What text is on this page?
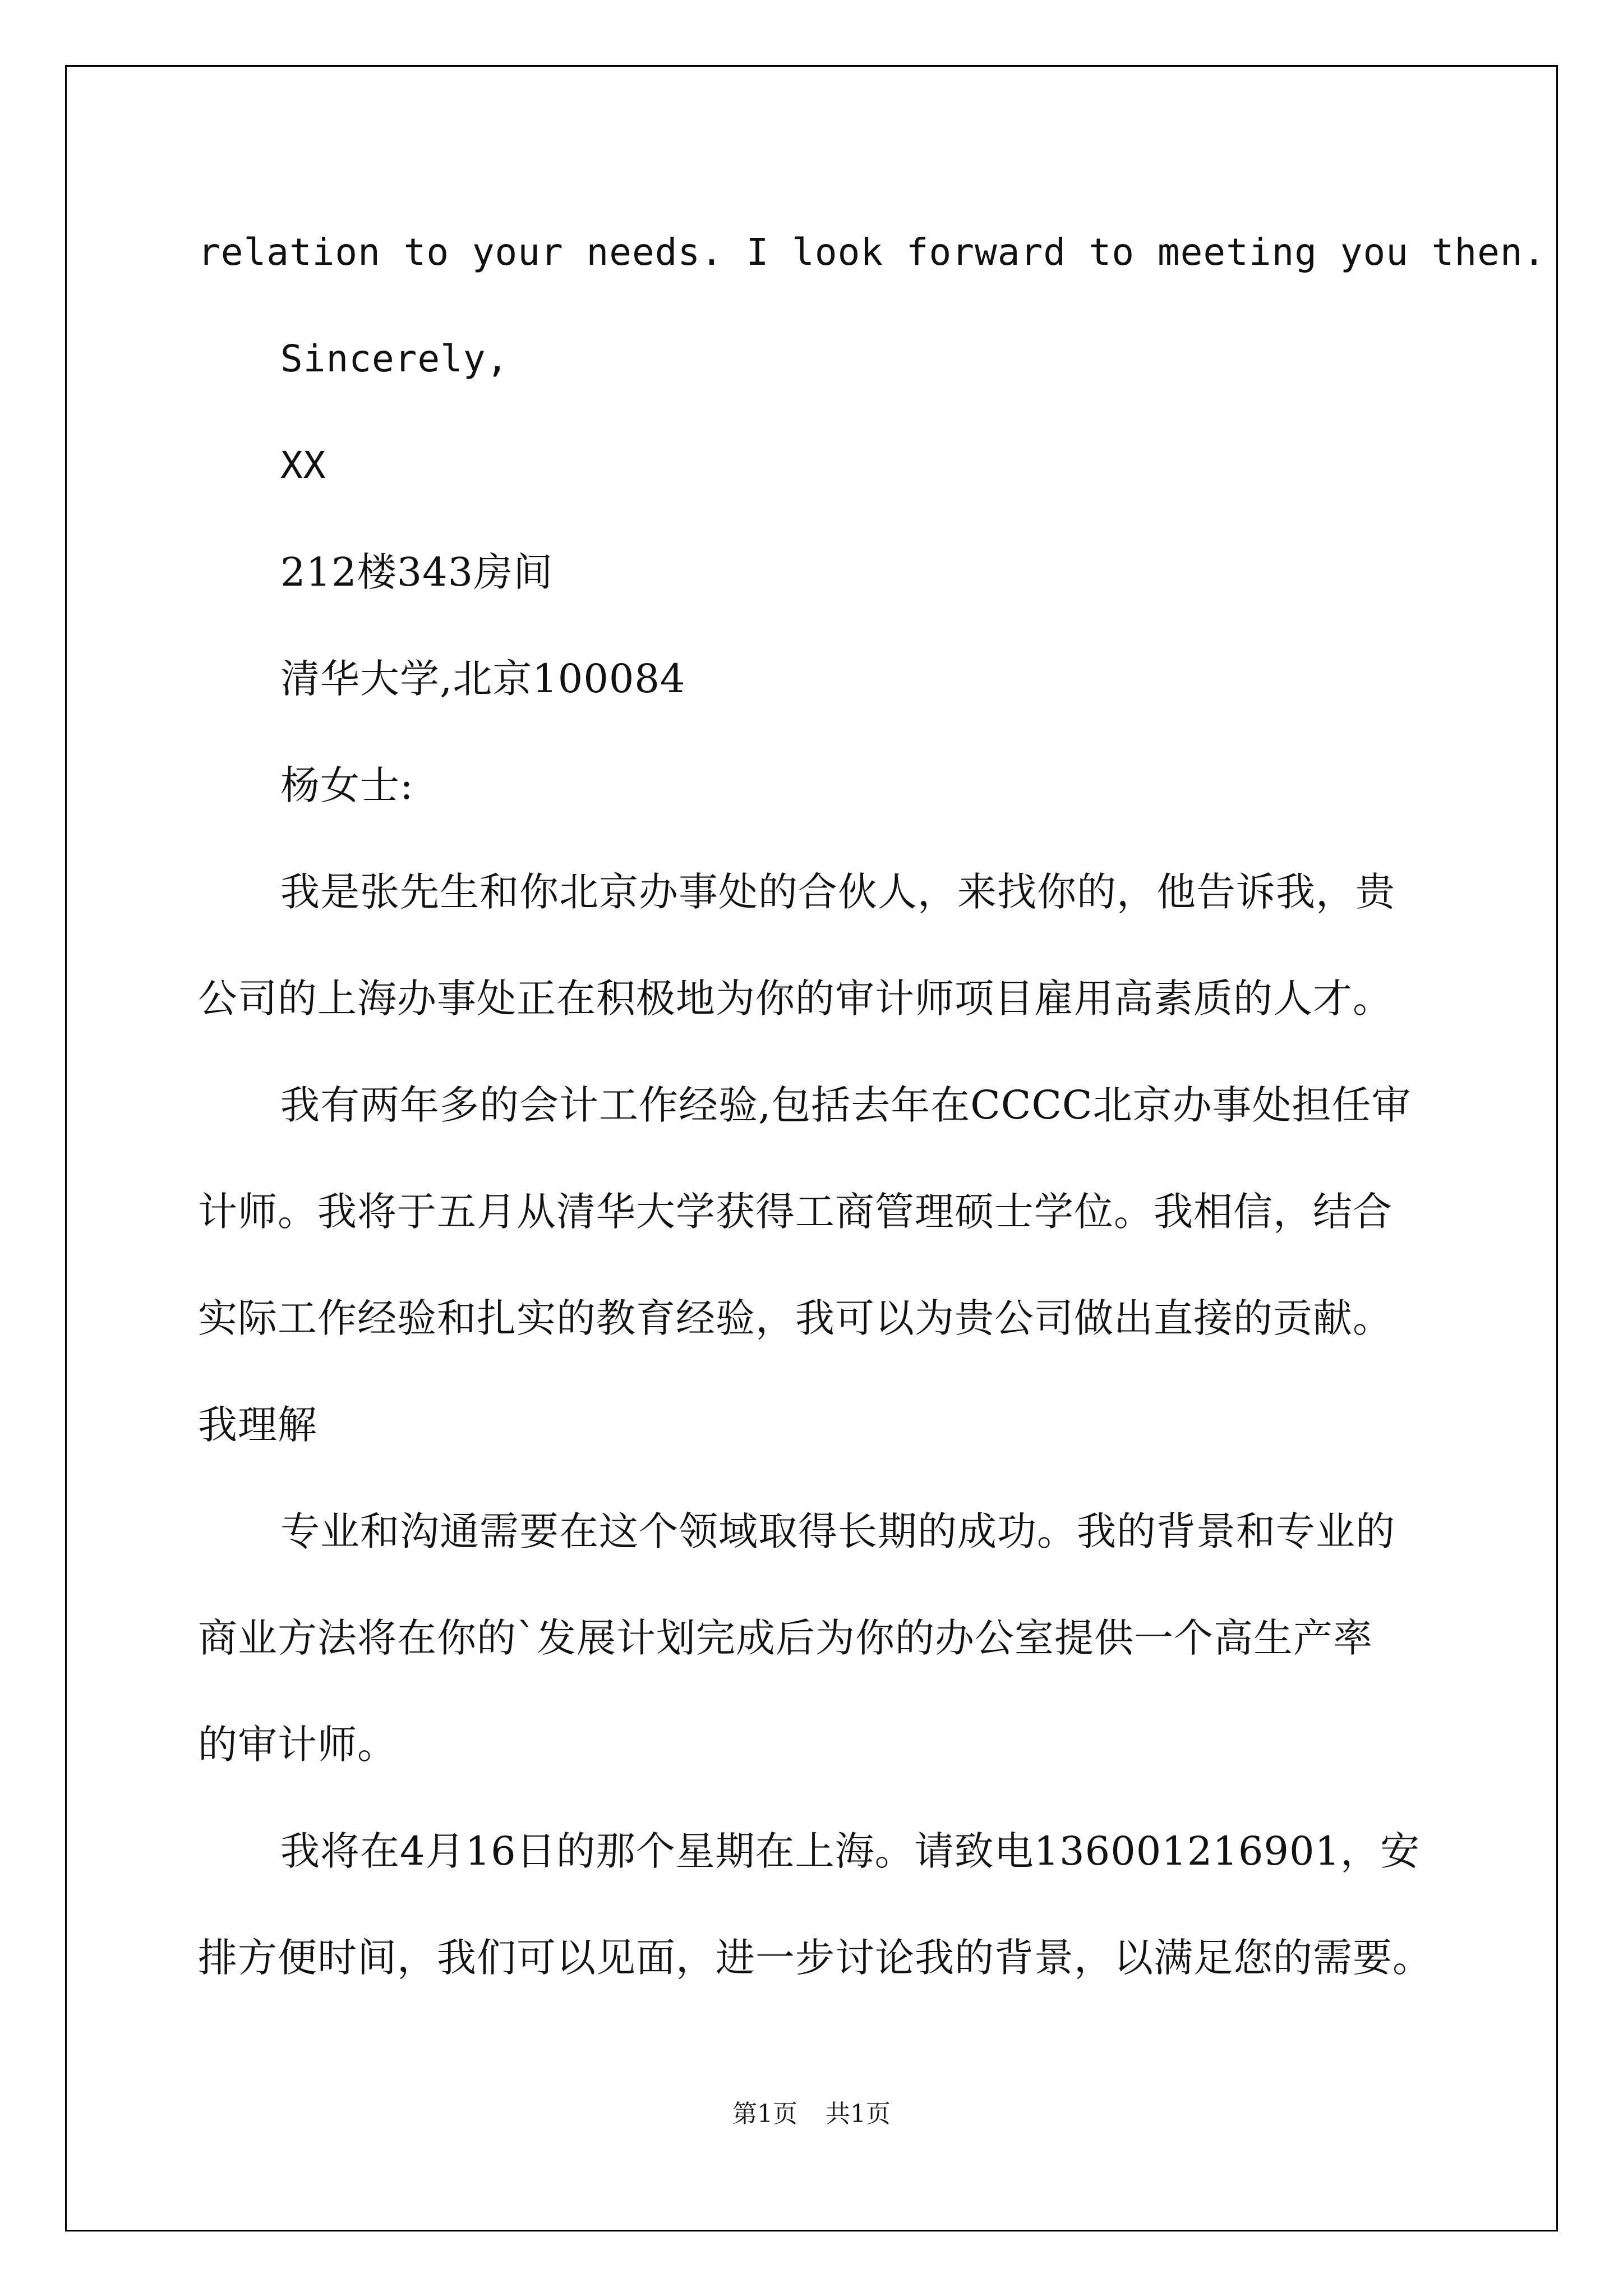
relation to your needs. I look forward to meeting you then.
Sincerely,
XX
212楼343房间
清华大学,北京100084
杨女士:
我是张先生和你北京办事处的合伙人，来找你的，他告诉我，贵
公司的上海办事处正在积极地为你的审计师项目雇用高素质的人才。
我有两年多的会计工作经验,包括去年在CCCC北京办事处担任审
计师。我将于五月从清华大学获得工商管理硕士学位。我相信，结合
实际工作经验和扎实的教育经验，我可以为贵公司做出直接的贡献。
我理解
专业和沟通需要在这个领域取得长期的成功。我的背景和专业的
商业方法将在你的`发展计划完成后为你的办公室提供一个高生产率
的审计师。
我将在4月16日的那个星期在上海。请致电136001216901，安
排方便时间，我们可以见面，进一步讨论我的背景，以满足您的需要。
第1页 共1页
